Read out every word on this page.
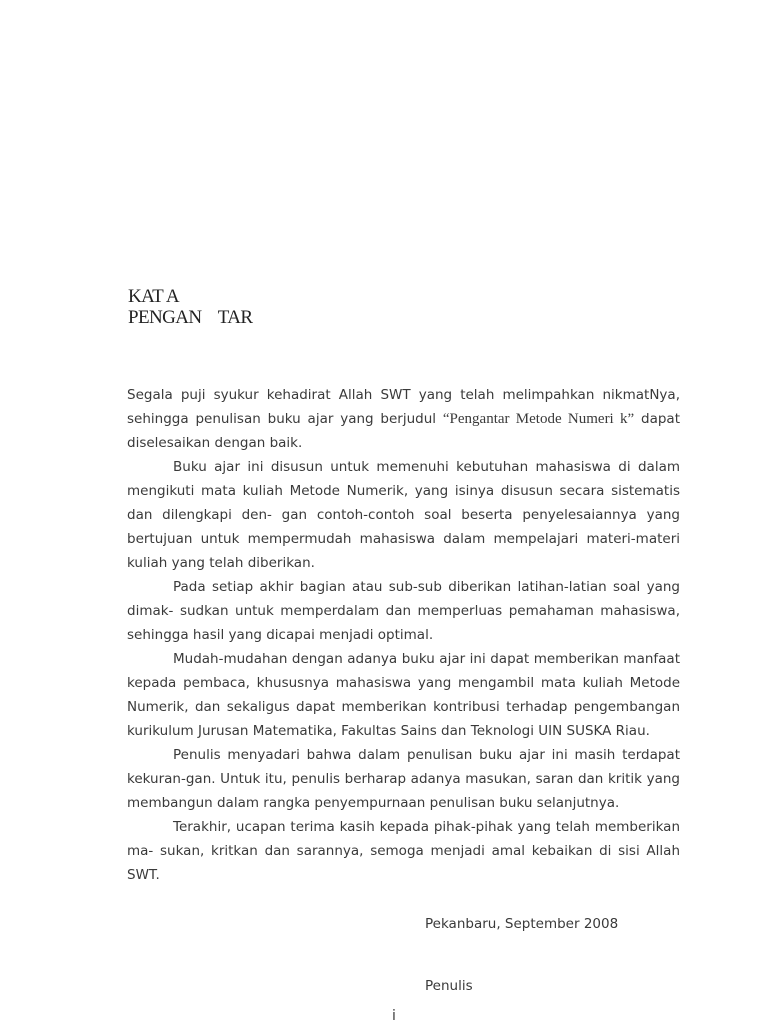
KAT A
PENGAN    TAR

Segala puji syukur kehadirat Allah SWT yang telah melimpahkan nikmatNya, sehingga penulisan buku ajar yang berjudul “Pengantar Metode Numeri k” dapat diselesaikan dengan baik.

Buku ajar ini disusun untuk memenuhi kebutuhan mahasiswa di dalam mengikuti mata kuliah Metode Numerik, yang isinya disusun secara sistematis dan dilengkapi den- gan contoh-contoh soal beserta penyelesaiannya yang bertujuan untuk mempermudah mahasiswa dalam mempelajari materi-materi kuliah yang telah diberikan.

Pada setiap akhir bagian atau sub-sub diberikan latihan-latian soal yang dimak- sudkan untuk memperdalam dan memperluas pemahaman mahasiswa, sehingga hasil yang dicapai menjadi optimal.

Mudah-mudahan dengan adanya buku ajar ini dapat memberikan manfaat kepada pembaca, khususnya mahasiswa yang mengambil mata kuliah Metode Numerik, dan sekaligus dapat memberikan kontribusi terhadap pengembangan kurikulum Jurusan Matematika, Fakultas Sains dan Teknologi UIN SUSKA Riau.

Penulis menyadari bahwa dalam penulisan buku ajar ini masih terdapat kekuran-gan. Untuk itu, penulis berharap adanya masukan, saran dan kritik yang membangun dalam rangka penyempurnaan penulisan buku selanjutnya.

Terakhir, ucapan terima kasih kepada pihak-pihak yang telah memberikan ma- sukan, kritkan dan sarannya, semoga menjadi amal kebaikan di sisi Allah SWT.

Pekanbaru, September 2008
Penulis
i
